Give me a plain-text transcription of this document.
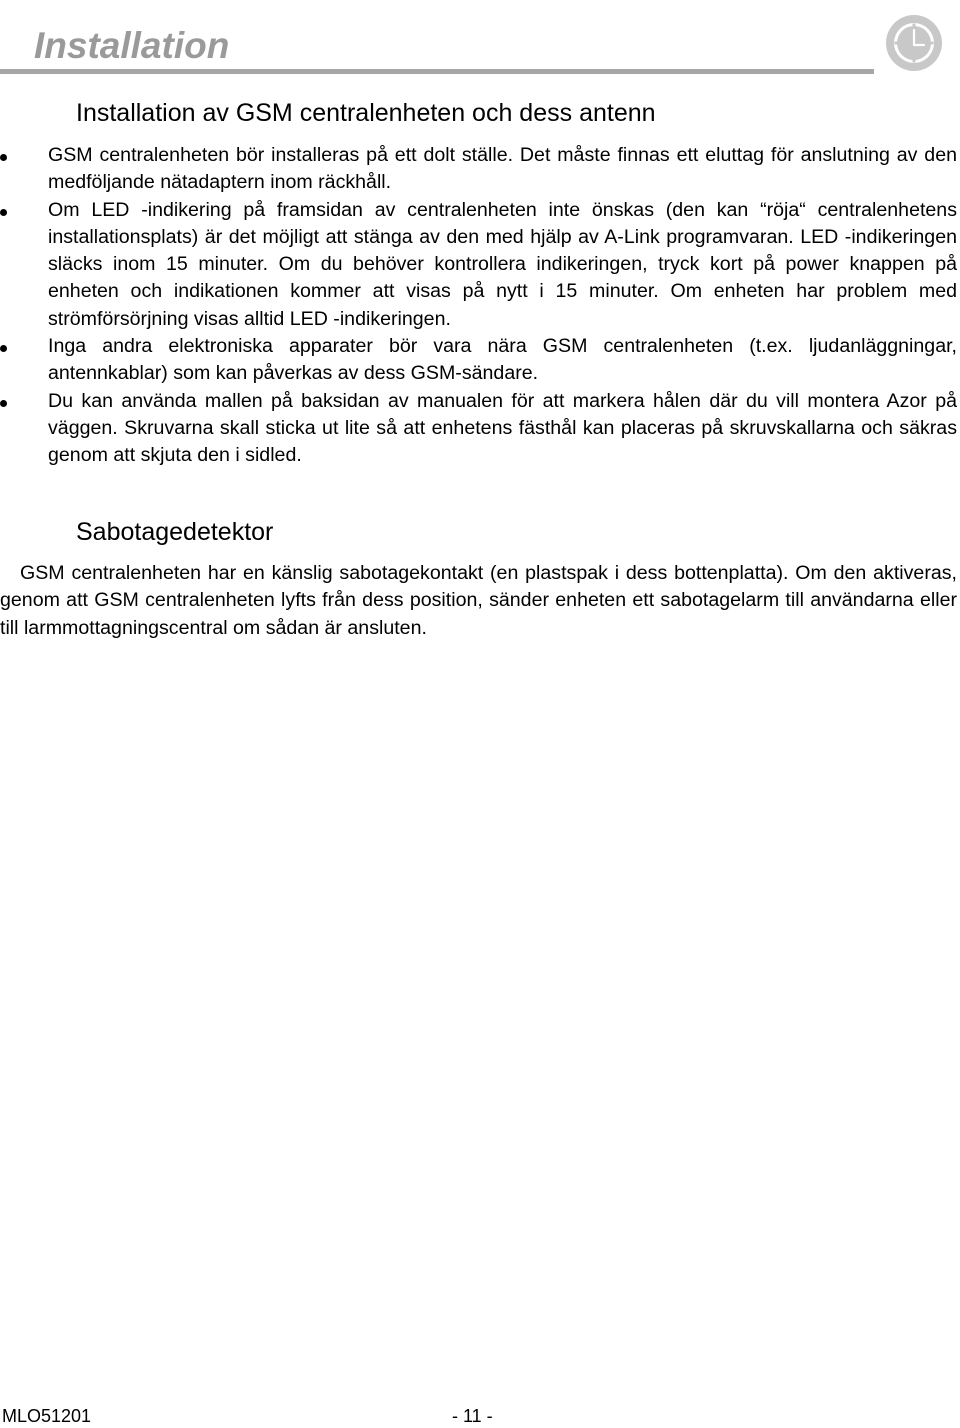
Installation
Installation av GSM centralenheten och dess antenn
GSM centralenheten bör installeras på ett dolt ställe. Det måste finnas ett eluttag för anslutning av den medföljande nätadaptern inom räckhåll.
Om LED -indikering på framsidan av centralenheten inte önskas (den kan “röja“ centralenhetens installationsplats) är det möjligt att stänga av den med hjälp av A-Link programvaran. LED -indikeringen släcks inom 15 minuter. Om du behöver kontrollera indikeringen, tryck kort på power knappen på enheten och indikationen kommer att visas på nytt i 15 minuter. Om enheten har problem med strömförsörjning visas alltid LED -indikeringen.
Inga andra elektroniska apparater bör vara nära GSM centralenheten (t.ex. ljudanläggningar, antennkablar) som kan påverkas av dess GSM-sändare.
Du kan använda mallen på baksidan av manualen för att markera hålen där du vill montera Azor på väggen. Skruvarna skall sticka ut lite så att enhetens fästhål kan placeras på skruvskallarna och säkras genom att skjuta den i sidled.
Sabotagedetektor

GSM centralenheten har en känslig sabotagekontakt (en plastspak i dess bottenplatta). Om den aktiveras, genom att GSM centralenheten lyfts från dess position, sänder enheten ett sabotagelarm till användarna eller till larmmottagningscentral om sådan är ansluten.

MLO51201	- 11 -
